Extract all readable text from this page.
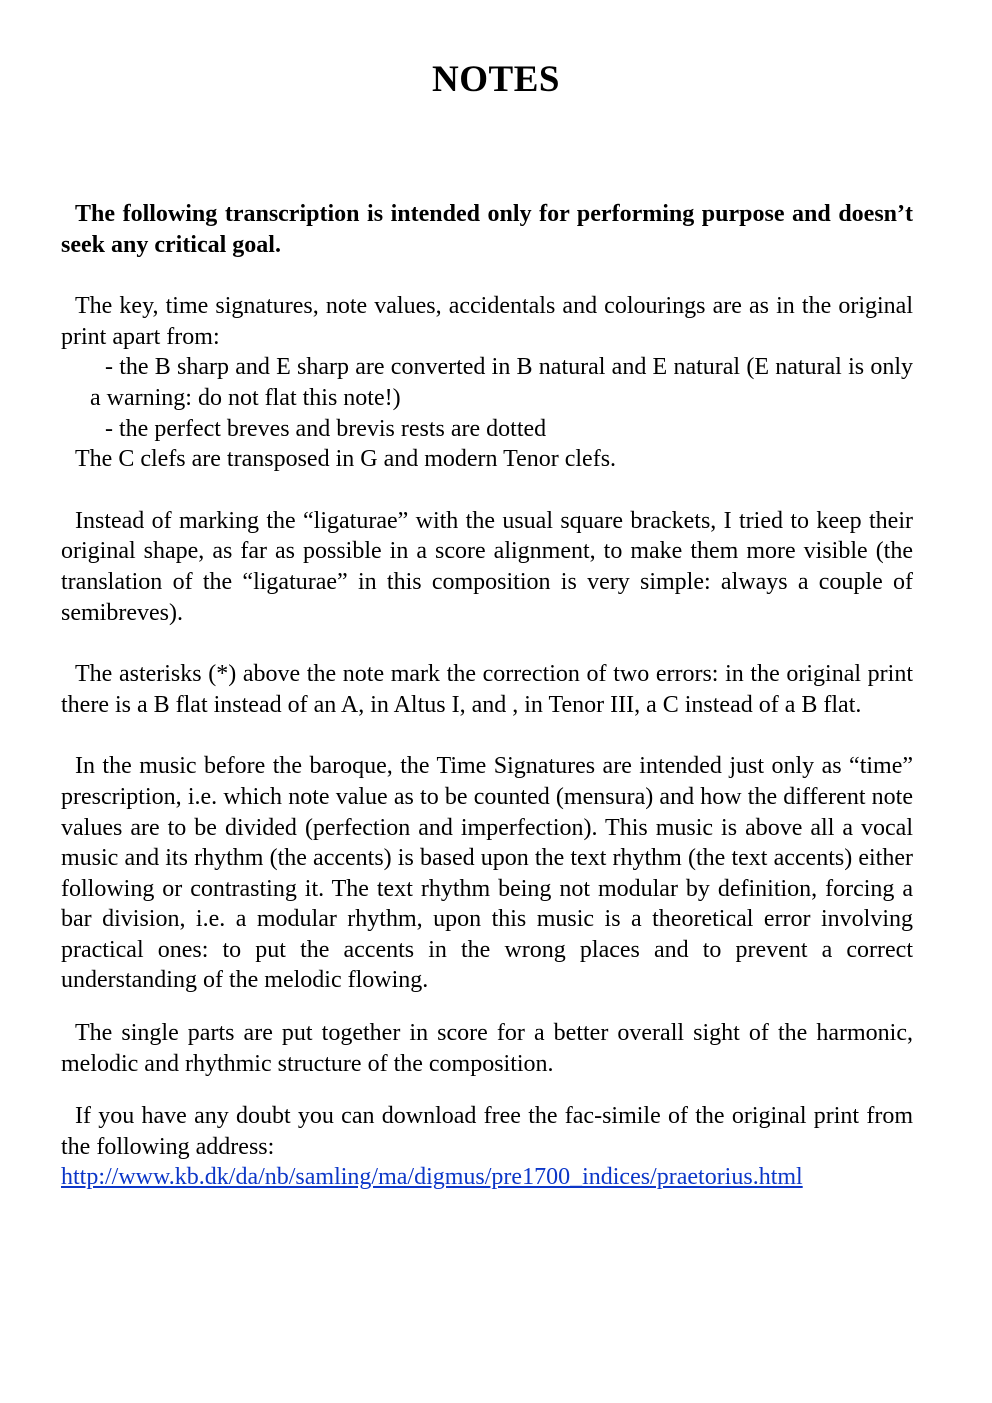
NOTES

The following transcription is intended only for performing purpose and doesn’t seek any critical goal.

The key, time signatures, note values, accidentals and colourings are as in the original print apart from:

- the B sharp and E sharp are converted in B natural and E natural (E natural is only a warning: do not flat this note!)

- the perfect breves and brevis rests are dotted

The C clefs are transposed in G and modern Tenor clefs.

Instead of marking the “ligaturae” with the usual square brackets, I tried to keep their original shape, as far as possible in a score alignment, to make them more visible (the translation of the “ligaturae” in this composition is very simple: always a couple of semibreves).

The asterisks (*) above the note mark the correction of two errors: in the original print there is a B flat instead of an A, in Altus I, and , in Tenor III, a C instead of a B flat.

In the music before the baroque, the Time Signatures are intended just only as “time” prescription, i.e. which note value as to be counted (mensura) and how the different note values are to be divided (perfection and imperfection). This music is above all a vocal music and its rhythm (the accents) is based upon the text rhythm (the text accents) either following or contrasting it. The text rhythm being not modular by definition, forcing a bar division, i.e. a modular rhythm, upon this music is a theoretical error involving practical ones: to put the accents in the wrong places and to prevent a correct understanding of the melodic flowing.

The single parts are put together in score for a better overall sight of the harmonic, melodic and rhythmic structure of the composition.

If you have any doubt you can download free the fac-simile of the original print from the following address:
http://www.kb.dk/da/nb/samling/ma/digmus/pre1700_indices/praetorius.html
